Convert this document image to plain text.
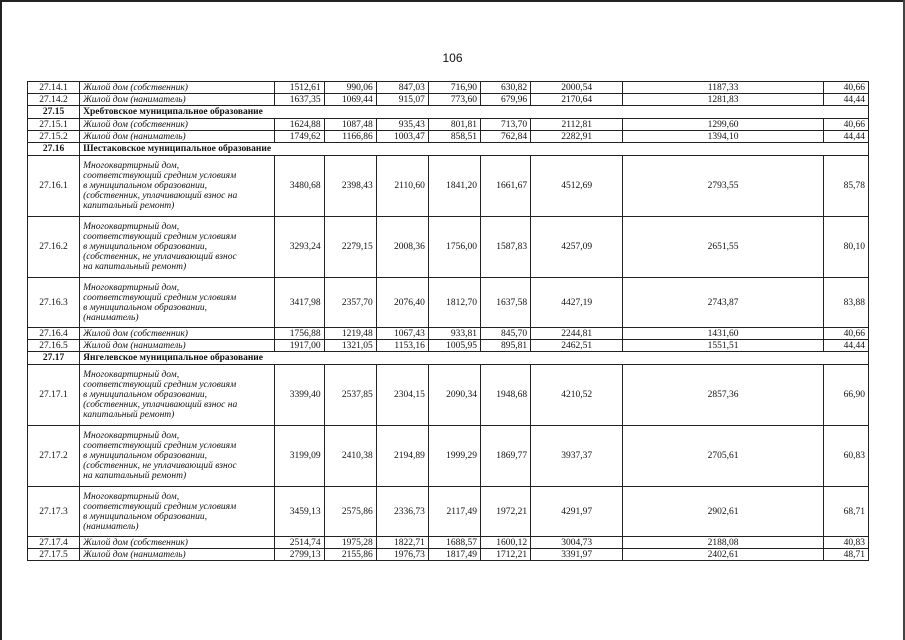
106
27.14.1	Жилой дом (собственник)	1512,61	990,06	847,03	716,90	630,82	2000,54	1187,33	40,66
27.14.2	Жилой дом (наниматель)	1637,35	1069,44	915,07	773,60	679,96	2170,64	1281,83	44,44
27.15	Хребтовское муниципальное образование								
27.15.1	Жилой дом (собственник)	1624,88	1087,48	935,43	801,81	713,70	2112,81	1299,60	40,66
27.15.2	Жилой дом (наниматель)	1749,62	1166,86	1003,47	858,51	762,84	2282,91	1394,10	44,44
27.16	Шестаковское муниципальное образование								
27.16.1	Многоквартирный дом,
соответствующий средним условиям
в муниципальном образовании,
(собственник, уплачивающий взнос на
капитальный ремонт)	3480,68	2398,43	2110,60	1841,20	1661,67	4512,69	2793,55	85,78
27.16.2	Многоквартирный дом,
соответствующий средним условиям
в муниципальном образовании,
(собственник, не уплачивающий взнос
на капитальный ремонт)	3293,24	2279,15	2008,36	1756,00	1587,83	4257,09	2651,55	80,10
27.16.3	Многоквартирный дом,
соответствующий средним условиям
в муниципальном образовании,
(наниматель)	3417,98	2357,70	2076,40	1812,70	1637,58	4427,19	2743,87	83,88
27.16.4	Жилой дом (собственник)	1756,88	1219,48	1067,43	933,81	845,70	2244,81	1431,60	40,66
27.16.5	Жилой дом (наниматель)	1917,00	1321,05	1153,16	1005,95	895,81	2462,51	1551,51	44,44
27.17	Янгелевское муниципальное образование								
27.17.1	Многоквартирный дом,
соответствующий средним условиям
в муниципальном образовании,
(собственник, уплачивающий взнос на
капитальный ремонт)	3399,40	2537,85	2304,15	2090,34	1948,68	4210,52	2857,36	66,90
27.17.2	Многоквартирный дом,
соответствующий средним условиям
в муниципальном образовании,
(собственник, не уплачивающий взнос
на капитальный ремонт)	3199,09	2410,38	2194,89	1999,29	1869,77	3937,37	2705,61	60,83
27.17.3	Многоквартирный дом,
соответствующий средним условиям
в муниципальном образовании,
(наниматель)	3459,13	2575,86	2336,73	2117,49	1972,21	4291,97	2902,61	68,71
27.17.4	Жилой дом (собственник)	2514,74	1975,28	1822,71	1688,57	1600,12	3004,73	2188,08	40,83
27.17.5	Жилой дом (наниматель)	2799,13	2155,86	1976,73	1817,49	1712,21	3391,97	2402,61	48,71
